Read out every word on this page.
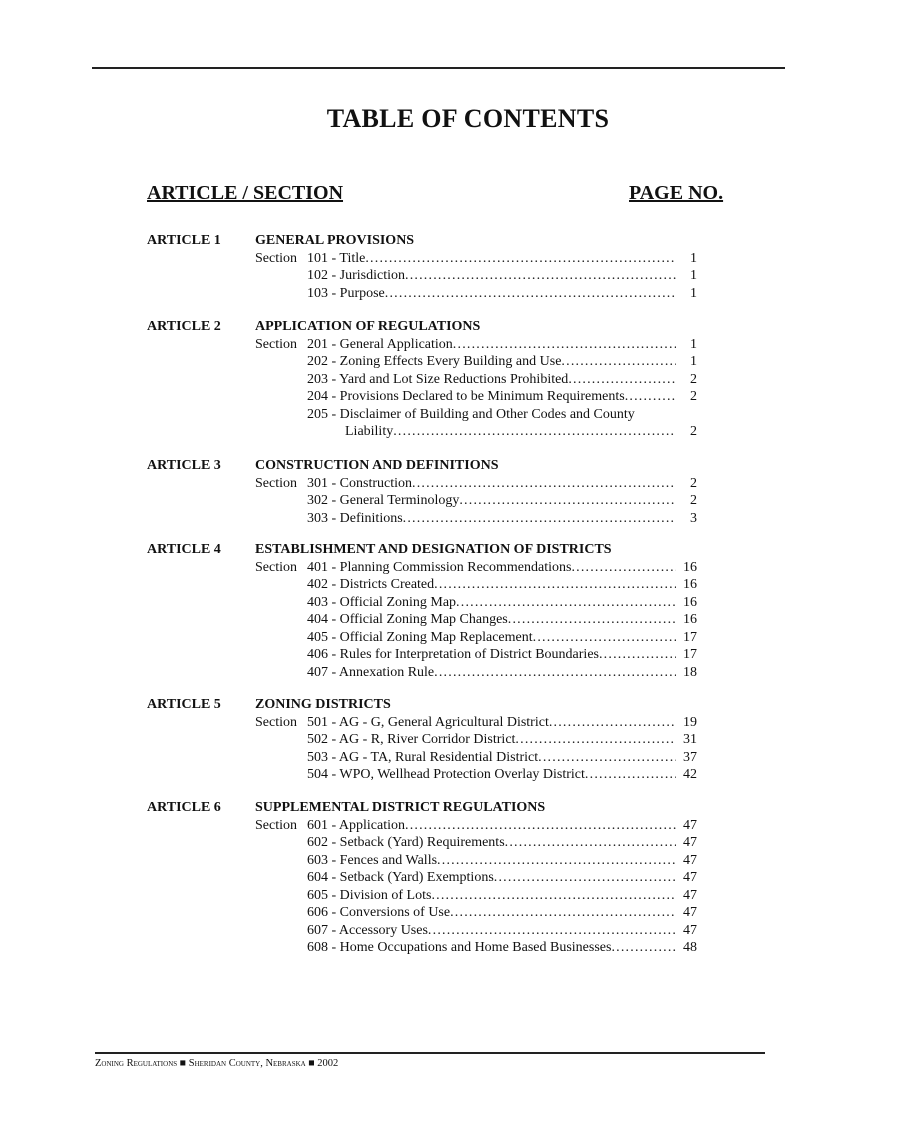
TABLE OF CONTENTS
ARTICLE / SECTION	PAGE NO.
ARTICLE 1 GENERAL PROVISIONS
Section 101 - Title .....	1
102 - Jurisdiction .....	1
103 - Purpose .....	1
ARTICLE 2 APPLICATION OF REGULATIONS
Section 201 - General Application .....	1
202 - Zoning Effects Every Building and Use .....	1
203 - Yard and Lot Size Reductions Prohibited .....	2
204 - Provisions Declared to be Minimum Requirements .....	2
205 - Disclaimer of Building and Other Codes and County
Liability .....	2
ARTICLE 3 CONSTRUCTION AND DEFINITIONS
Section 301 - Construction .....	2
302 - General Terminology .....	2
303 - Definitions .....	3
ARTICLE 4 ESTABLISHMENT AND DESIGNATION OF DISTRICTS
Section 401 - Planning Commission Recommendations .....	16
402 - Districts Created .....	16
403 - Official Zoning Map .....	16
404 - Official Zoning Map Changes .....	16
405 - Official Zoning Map Replacement .....	17
406 - Rules for Interpretation of District Boundaries .....	17
407 - Annexation Rule .....	18
ARTICLE 5 ZONING DISTRICTS
Section 501 - AG - G, General Agricultural District .....	19
502 - AG - R, River Corridor District .....	31
503 - AG - TA, Rural Residential District .....	37
504 - WPO, Wellhead Protection Overlay District .....	42
ARTICLE 6 SUPPLEMENTAL DISTRICT REGULATIONS
Section 601 - Application .....	47
602 - Setback (Yard) Requirements .....	47
603 - Fences and Walls .....	47
604 - Setback (Yard) Exemptions .....	47
605 - Division of Lots .....	47
606 - Conversions of Use .....	47
607 - Accessory Uses .....	47
608 - Home Occupations and Home Based Businesses .....	48
Zoning Regulations ■ Sheridan County, Nebraska ■ 2002
